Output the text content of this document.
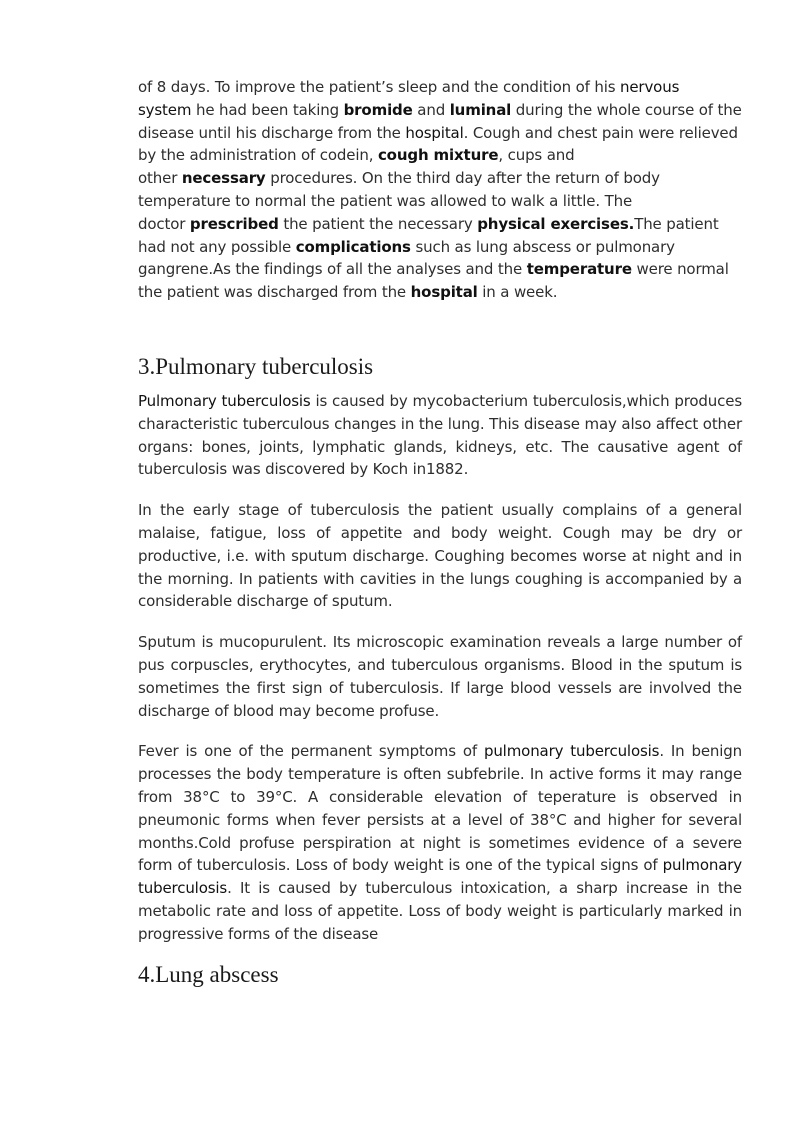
of 8 days. To improve the patient’s sleep and the condition of his nervous
system he had been taking bromide and luminal during the whole course of the disease until his discharge from the hospital. Cough and chest pain were relieved by the administration of codein, cough mixture, cups and
other necessary procedures. On the third day after the return of body temperature to normal the patient was allowed to walk a little. The
doctor prescribed the patient the necessary physical exercises.The patient had not any possible complications such as lung abscess or pulmonary gangrene.As the findings of all the analyses and the temperature were normal the patient was discharged from the hospital in a week.

3.Pulmonary tuberculosis

Pulmonary tuberculosis is caused by mycobacterium tuberculosis,which produces characteristic tuberculous changes in the lung. This disease may also affect other organs: bones, joints, lymphatic glands, kidneys, etc. The causative agent of tuberculosis was discovered by Koch in1882.

In the early stage of tuberculosis the patient usually complains of a general malaise, fatigue, loss of appetite and body weight. Cough may be dry or productive, i.e. with sputum discharge. Coughing becomes worse at night and in the morning. In patients with cavities in the lungs coughing is accompanied by a considerable discharge of sputum.

Sputum is mucopurulent. Its microscopic examination reveals a large number of pus corpuscles, erythocytes, and tuberculous organisms. Blood in the sputum is sometimes the first sign of tuberculosis. If large blood vessels are involved the discharge of blood may become profuse.

Fever is one of the permanent symptoms of pulmonary tuberculosis. In benign processes the body temperature is often subfebrile. In active forms it may range from 38°C to 39°C. A considerable elevation of teperature is observed in pneumonic forms when fever persists at a level of 38°C and higher for several months.Cold profuse perspiration at night is sometimes evidence of a severe form of tuberculosis. Loss of body weight is one of the typical signs of pulmonary tuberculosis. It is caused by tuberculous intoxication, a sharp increase in the metabolic rate and loss of appetite. Loss of body weight is particularly marked in progressive forms of the disease

4.Lung abscess
